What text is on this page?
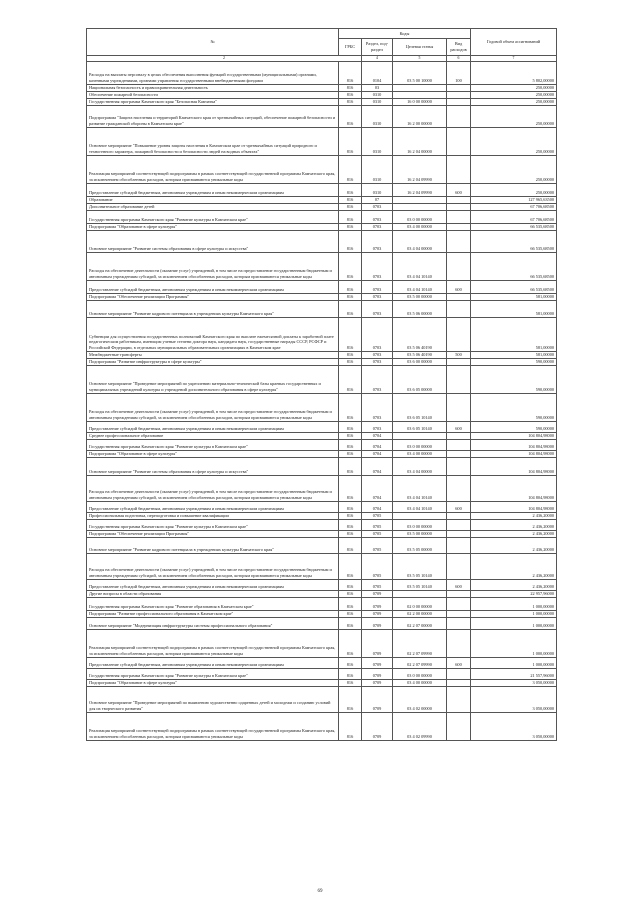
№	Коды				Годовой объем ассигнований
	ГРБС	Раздел, под-раздел	Целевая статья	Вид расходов	
2		4	5	6	7
Расходы на выплаты персоналу в целях обеспечения выполнения функций государственными (муниципальными) органами, казенными учреждениями, органами управления государственными внебюджетными фондами	816	0104	03 5 00 10000	100	5 802,00000
Национальная безопасность и правоохранительная деятельность	816	03			250,00000
Обеспечение пожарной безопасности	816	0310			250,00000
Государственная программа Камчатского края "Безопасная Камчатка"	816	0310	16 0 00 00000		250,00000
Подпрограмма "Защита населения и территорий Камчатского края от чрезвычайных ситуаций, обеспечение пожарной безопасности и развитие гражданской обороны в Камчатском крае"	816	0310	16 2 00 00000		250,00000
Основное мероприятие "Повышение уровня защиты населения в Камчатском крае от чрезвычайных ситуаций природного и техногенного характера, пожарной безопасности и безопасности людей на водных объектах"	816	0310	16 2 04 00000		250,00000
Реализация мероприятий соответствующей подпрограммы в рамках соответствующей государственной программы Камчатского края, за исключением обособленных расходов, которым присваиваются уникальные коды	816	0310	16 2 04 09990		250,00000
Предоставление субсидий бюджетным, автономным учреждениям и иным некоммерческим организациям	816	0310	16 2 04 09990	600	250,00000
Образование	816	07			127 965,63500
Дополнительное образование детей	816	0703			67 706,68500
Государственная программа Камчатского края "Развитие культуры в Камчатском крае"	816	0703	03 0 00 00000		67 706,68500
Подпрограмма "Образование в сфере культуры"	816	0703	03 4 00 00000		66 535,68500
Основное мероприятие "Развитие системы образования в сфере культуры и искусства"	816	0703	03 4 04 00000		66 535,68500
Расходы на обеспечение деятельности (оказание услуг) учреждений, в том числе на предоставление государственным бюджетным и автономным учреждениям субсидий, за исключением обособленных расходов, которым присваиваются уникальные коды	816	0703	03 4 04 10140		66 535,68500
Предоставление субсидий бюджетным, автономным учреждениям и иным некоммерческим организациям	816	0703	03 4 04 10140	600	66 535,68500
Подпрограмма "Обеспечение реализации Программы"	816	0703	03 5 00 00000		581,00000
Основное мероприятие "Развитие кадрового потенциала в учреждениях культуры Камчатского края"	816	0703	03 5 06 00000		581,00000
Субвенции для осуществления государственных полномочий Камчатского края по выплате ежемесячной доплаты к заработной плате педагогическим работникам, имеющим ученые степени доктора наук, кандидата наук, государственные награды СССР, РСФСР и Российской Федерации, в отдельных муниципальных образовательных организациях в Камчатском крае	816	0703	03 5 06 40190		581,00000
Межбюджетные трансферты	816	0703	03 5 06 40190	500	581,00000
Подпрограмма "Развитие инфраструктуры в сфере культуры"	816	0703	03 6 00 00000		590,00000
Основное мероприятие "Проведение мероприятий по укреплению материально-технической базы краевых государственных и муниципальных учреждений культуры и учреждений дополнительного образования в сфере культуры"	816	0703	03 6 05 00000		590,00000
Расходы на обеспечение деятельности (оказание услуг) учреждений, в том числе на предоставление государственным бюджетным и автономным учреждениям субсидий, за исключением обособленных расходов, которым присваиваются уникальные коды	816	0703	03 6 05 10140		590,00000
Предоставление субсидий бюджетным, автономным учреждениям и иным некоммерческим организациям	816	0703	03 6 05 10140	600	590,00000
Среднее профессиональное образование	816	0704			104 804,98000
Государственная программа Камчатского края "Развитие культуры в Камчатском крае"	816	0704	03 0 00 00000		104 804,98000
Подпрограмма "Образование в сфере культуры"	816	0704	03 4 00 00000		104 804,98000
Основное мероприятие "Развитие системы образования в сфере культуры и искусства"	816	0704	03 4 04 00000		104 804,98000
Расходы на обеспечение деятельности (оказание услуг) учреждений, в том числе на предоставление государственным бюджетным и автономным учреждениям субсидий, за исключением обособленных расходов, которым присваиваются уникальные коды	816	0704	03 4 04 10140		104 804,98000
Предоставление субсидий бюджетным, автономным учреждениям и иным некоммерческим организациям	816	0704	03 4 04 10140	600	104 804,98000
Профессиональная подготовка, переподготовка и повышение квалификации	816	0705			2 436,20000
Государственная программа Камчатского края "Развитие культуры в Камчатском крае"	816	0705	03 0 00 00000		2 436,20000
Подпрограмма "Обеспечение реализации Программы"	816	0705	03 5 00 00000		2 436,20000
Основное мероприятие "Развитие кадрового потенциала в учреждениях культуры Камчатского края"	816	0705	03 5 05 00000		2 436,20000
Расходы на обеспечение деятельности (оказание услуг) учреждений, в том числе на предоставление государственным бюджетным и автономным учреждениям субсидий, за исключением обособленных расходов, которым присваиваются уникальные коды	816	0705	03 5 05 10140		2 436,20000
Предоставление субсидий бюджетным, автономным учреждениям и иным некоммерческим организациям	816	0705	03 5 05 10140	600	2 436,20000
Другие вопросы в области образования	816	0709			22 957,96000
Государственная программа Камчатского края "Развитие образования в Камчатском крае"	816	0709	02 0 00 00000		1 000,00000
Подпрограмма "Развитие профессионального образования в Камчатском крае"	816	0709	02 2 00 00000		1 000,00000
Основное мероприятие "Модернизация инфраструктуры системы профессионального образования"	816	0709	02 2 07 00000		1 000,00000
Реализация мероприятий соответствующей подпрограммы в рамках соответствующей государственной программы Камчатского края, за исключением обособленных расходов, которым присваиваются уникальные коды	816	0709	02 2 07 09990		1 000,00000
Предоставление субсидий бюджетным, автономным учреждениям и иным некоммерческим организациям	816	0709	02 2 07 09990	600	1 000,00000
Государственная программа Камчатского края "Развитие культуры в Камчатском крае"	816	0709	03 0 00 00000		21 557,96000
Подпрограмма "Образование в сфере культуры"	816	0709	03 4 00 00000		3 050,00000
Основное мероприятие "Проведение мероприятий по выявлению художественно одаренных детей и молодежи и созданию условий для их творческого развития"	816	0709	03 4 02 00000		3 050,00000
Реализация мероприятий соответствующей подпрограммы в рамках соответствующей государственной программы Камчатского края, за исключением обособленных расходов, которым присваиваются уникальные коды	816	0709	03 4 02 09990		3 050,00000
69
